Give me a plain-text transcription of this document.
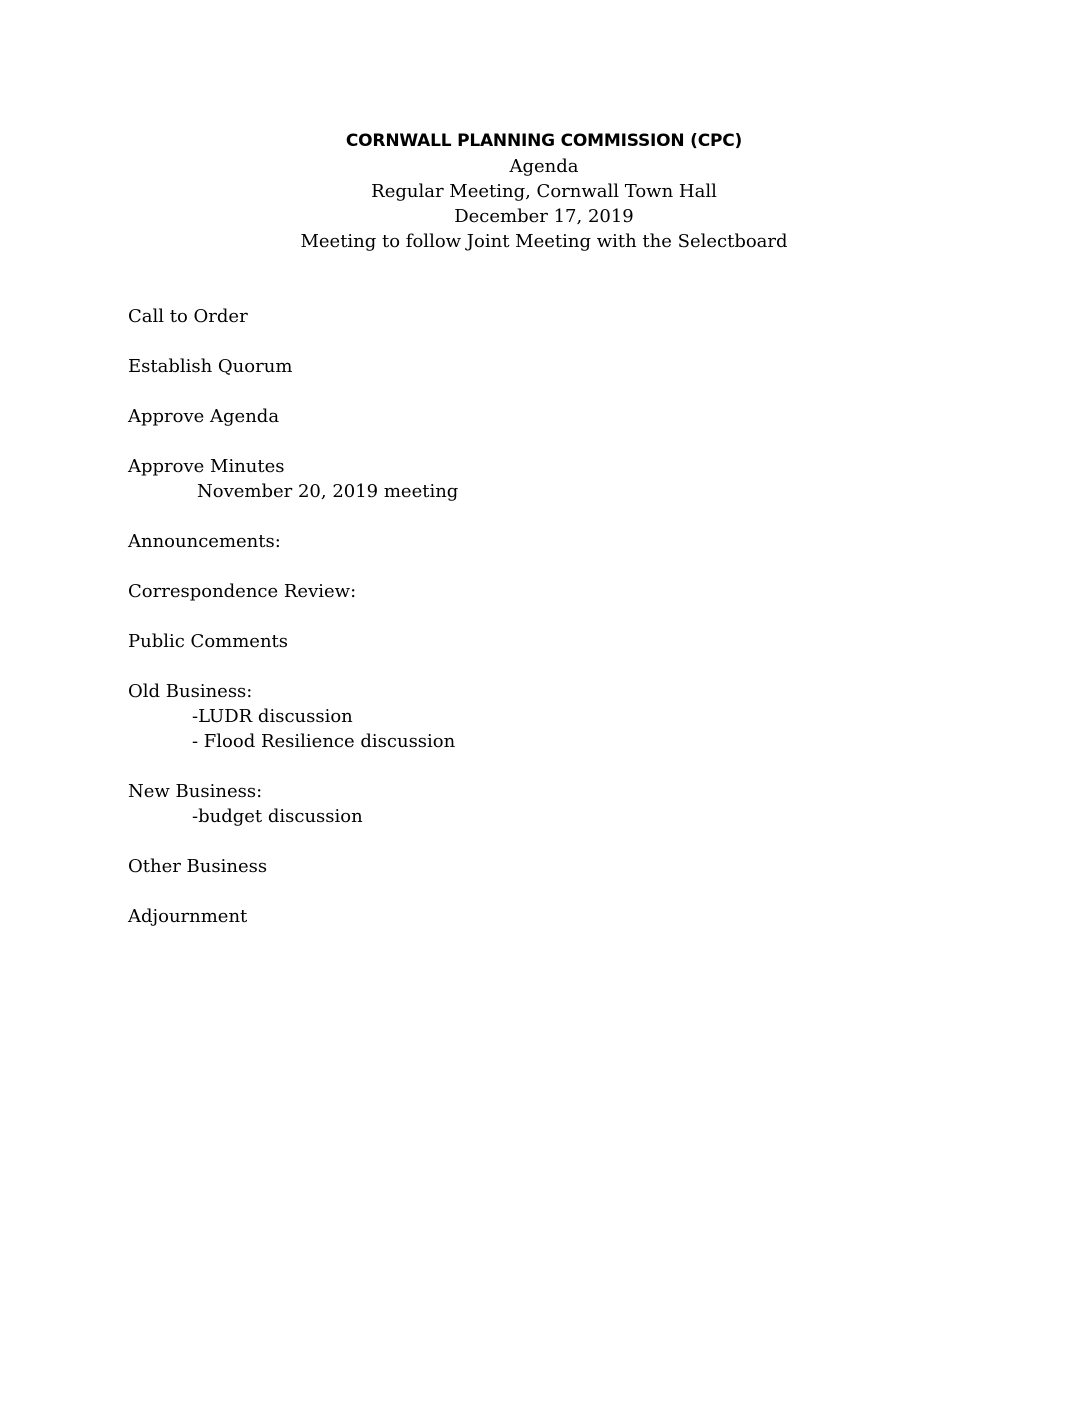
CORNWALL PLANNING COMMISSION (CPC)
Agenda
Regular Meeting, Cornwall Town Hall
December 17, 2019
Meeting to follow Joint Meeting with the Selectboard
Call to Order
Establish Quorum
Approve Agenda
Approve Minutes
November 20, 2019 meeting
Announcements:
Correspondence Review:
Public Comments
Old Business:
-LUDR discussion
- Flood Resilience discussion
New Business:
-budget discussion
Other Business
Adjournment
